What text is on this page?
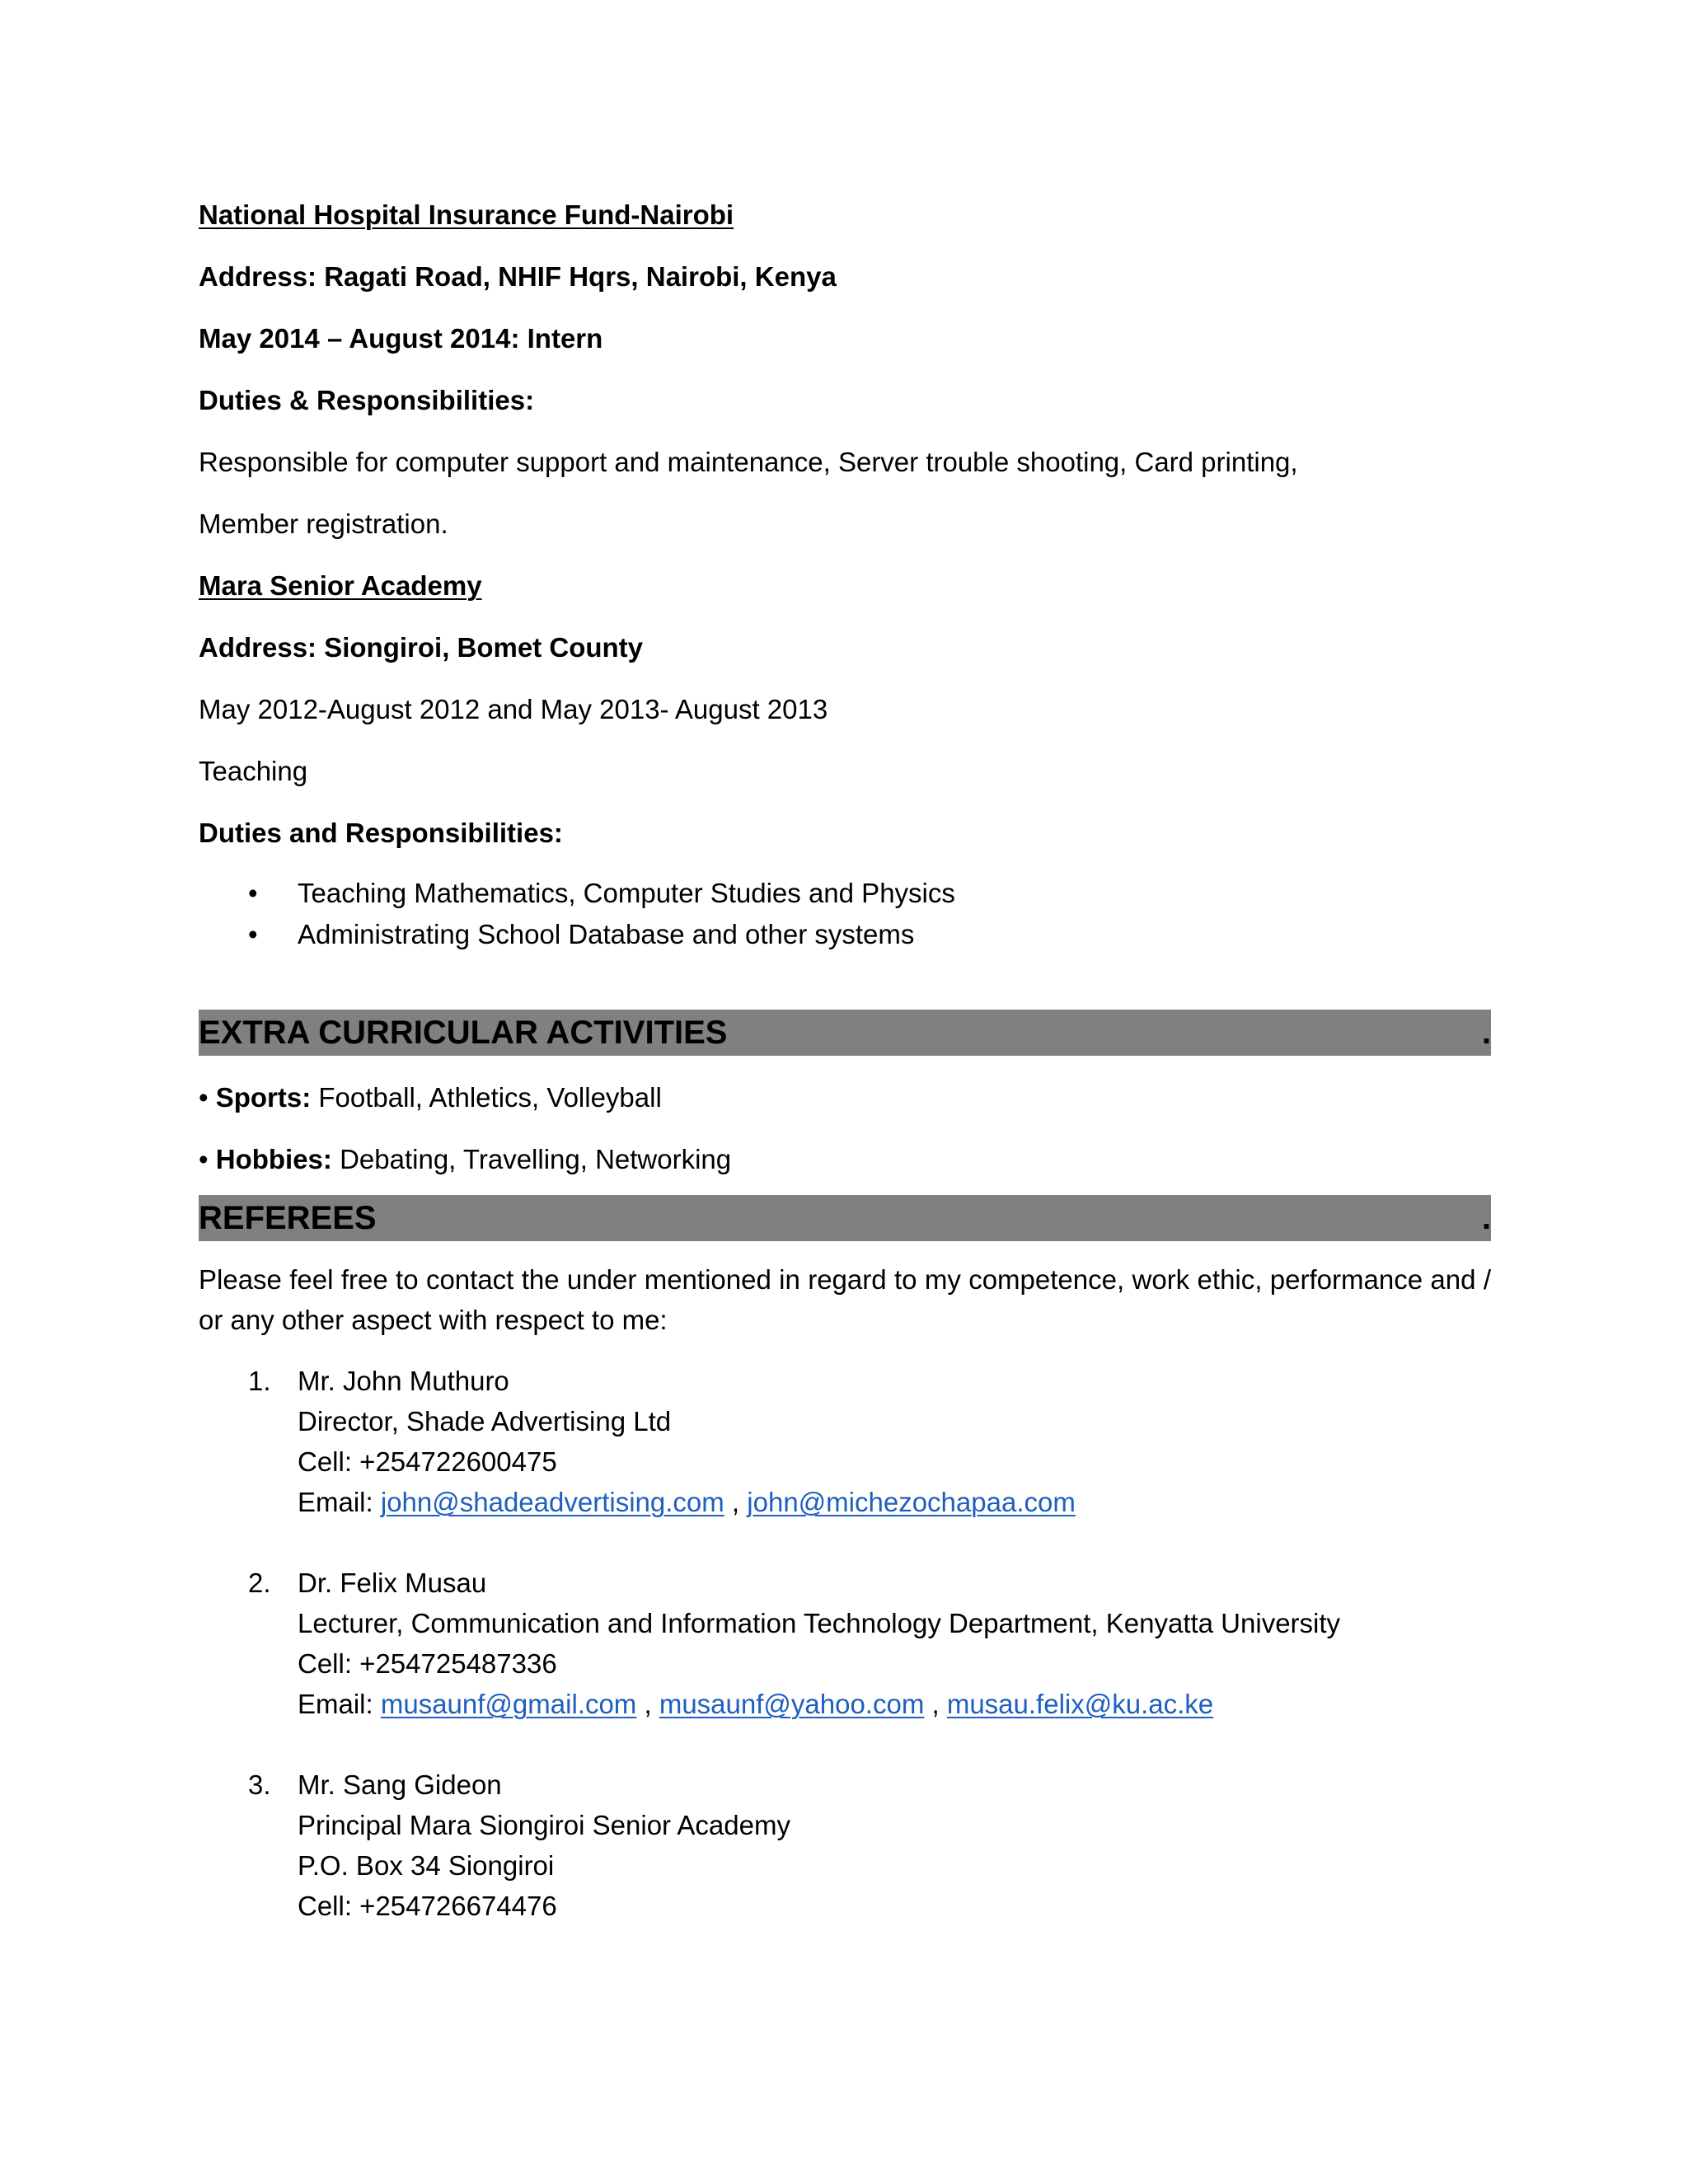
National Hospital Insurance Fund-Nairobi

Address: Ragati Road, NHIF Hqrs, Nairobi, Kenya

May 2014 – August 2014: Intern

Duties & Responsibilities:

Responsible for computer support and maintenance, Server trouble shooting, Card printing,

Member registration.

Mara Senior Academy

Address: Siongiroi, Bomet County

May 2012-August 2012 and May 2013- August 2013

Teaching

Duties and Responsibilities:

• Teaching Mathematics, Computer Studies and Physics
• Administrating School Database and other systems
EXTRA CURRICULAR ACTIVITIES	.

• Sports: Football, Athletics, Volleyball

• Hobbies: Debating, Travelling, Networking

REFEREES	.

Please feel free to contact the under mentioned in regard to my competence, work ethic, performance and / or any other aspect with respect to me:

1. Mr. John Muthuro
Director, Shade Advertising Ltd
Cell: +254722600475
Email: john@shadeadvertising.com , john@michezochapaa.com
2. Dr. Felix Musau
Lecturer, Communication and Information Technology Department, Kenyatta University
Cell: +254725487336
Email: musaunf@gmail.com , musaunf@yahoo.com , musau.felix@ku.ac.ke
3. Mr. Sang Gideon
Principal Mara Siongiroi Senior Academy
P.O. Box 34 Siongiroi
Cell: +254726674476
